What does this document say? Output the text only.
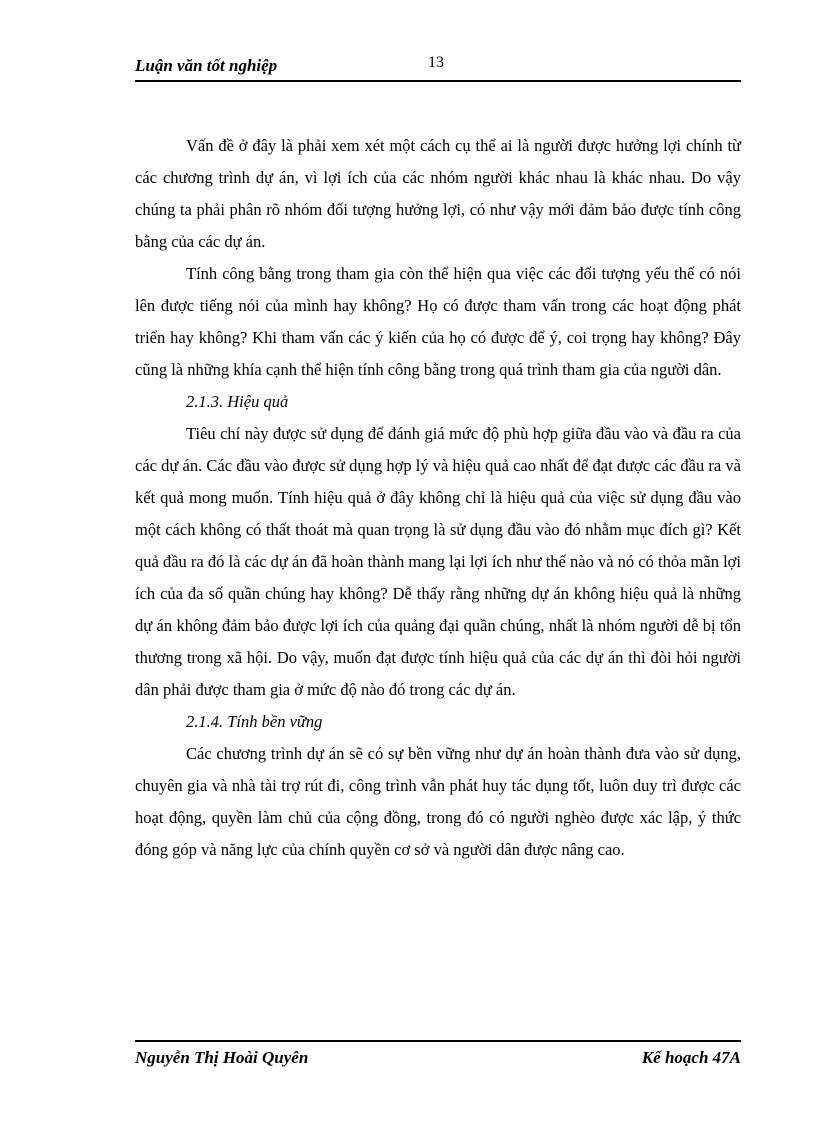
Luận văn tốt nghiệp	13

Vấn đề ở đây là phải xem xét một cách cụ thể ai là người được hưởng lợi chính từ các chương trình dự án, vì lợi ích của các nhóm người khác nhau là khác nhau. Do vậy chúng ta phải phân rõ nhóm đối tượng hưởng lợi, có như vậy mới đảm bảo được tính công bằng của các dự án.

Tính công bằng trong tham gia còn thể hiện qua việc các đối tượng yếu thế có nói lên được tiếng nói của mình hay không? Họ có được tham vấn trong các hoạt động phát triển hay không? Khi tham vấn các ý kiến của họ có được để ý, coi trọng hay không? Đây cũng là những khía cạnh thể hiện tính công bằng trong quá trình tham gia của người dân.

2.1.3. Hiệu quả

Tiêu chí này được sử dụng để đánh giá mức độ phù hợp giữa đầu vào và đầu ra của các dự án. Các đầu vào được sử dụng hợp lý và hiệu quả cao nhất để đạt được các đầu ra và kết quả mong muốn. Tính hiệu quả ở đây không chỉ là hiệu quả của việc sử dụng đầu vào một cách không có thất thoát mà quan trọng là sử dụng đầu vào đó nhằm mục đích gì? Kết quả đầu ra đó là các dự án đã hoàn thành mang lại lợi ích như thế nào và nó có thỏa mãn lợi ích của đa số quần chúng hay không? Dễ thấy rằng những dự án không hiệu quả là những dự án không đảm bảo được lợi ích của quảng đại quần chúng, nhất là nhóm người dễ bị tổn thương trong xã hội. Do vậy, muốn đạt được tính hiệu quả của các dự án thì đòi hỏi người dân phải được tham gia ở mức độ nào đó trong các dự án.

2.1.4. Tính bền vững

Các chương trình dự án sẽ có sự bền vững như dự án hoàn thành đưa vào sử dụng, chuyên gia và nhà tài trợ rút đi, công trình vẫn phát huy tác dụng tốt, luôn duy trì được các hoạt động, quyền làm chủ của cộng đồng, trong đó có người nghèo được xác lập, ý thức đóng góp và năng lực của chính quyền cơ sở và người dân được nâng cao.

Nguyễn Thị Hoài Quyên	Kế hoạch 47A
